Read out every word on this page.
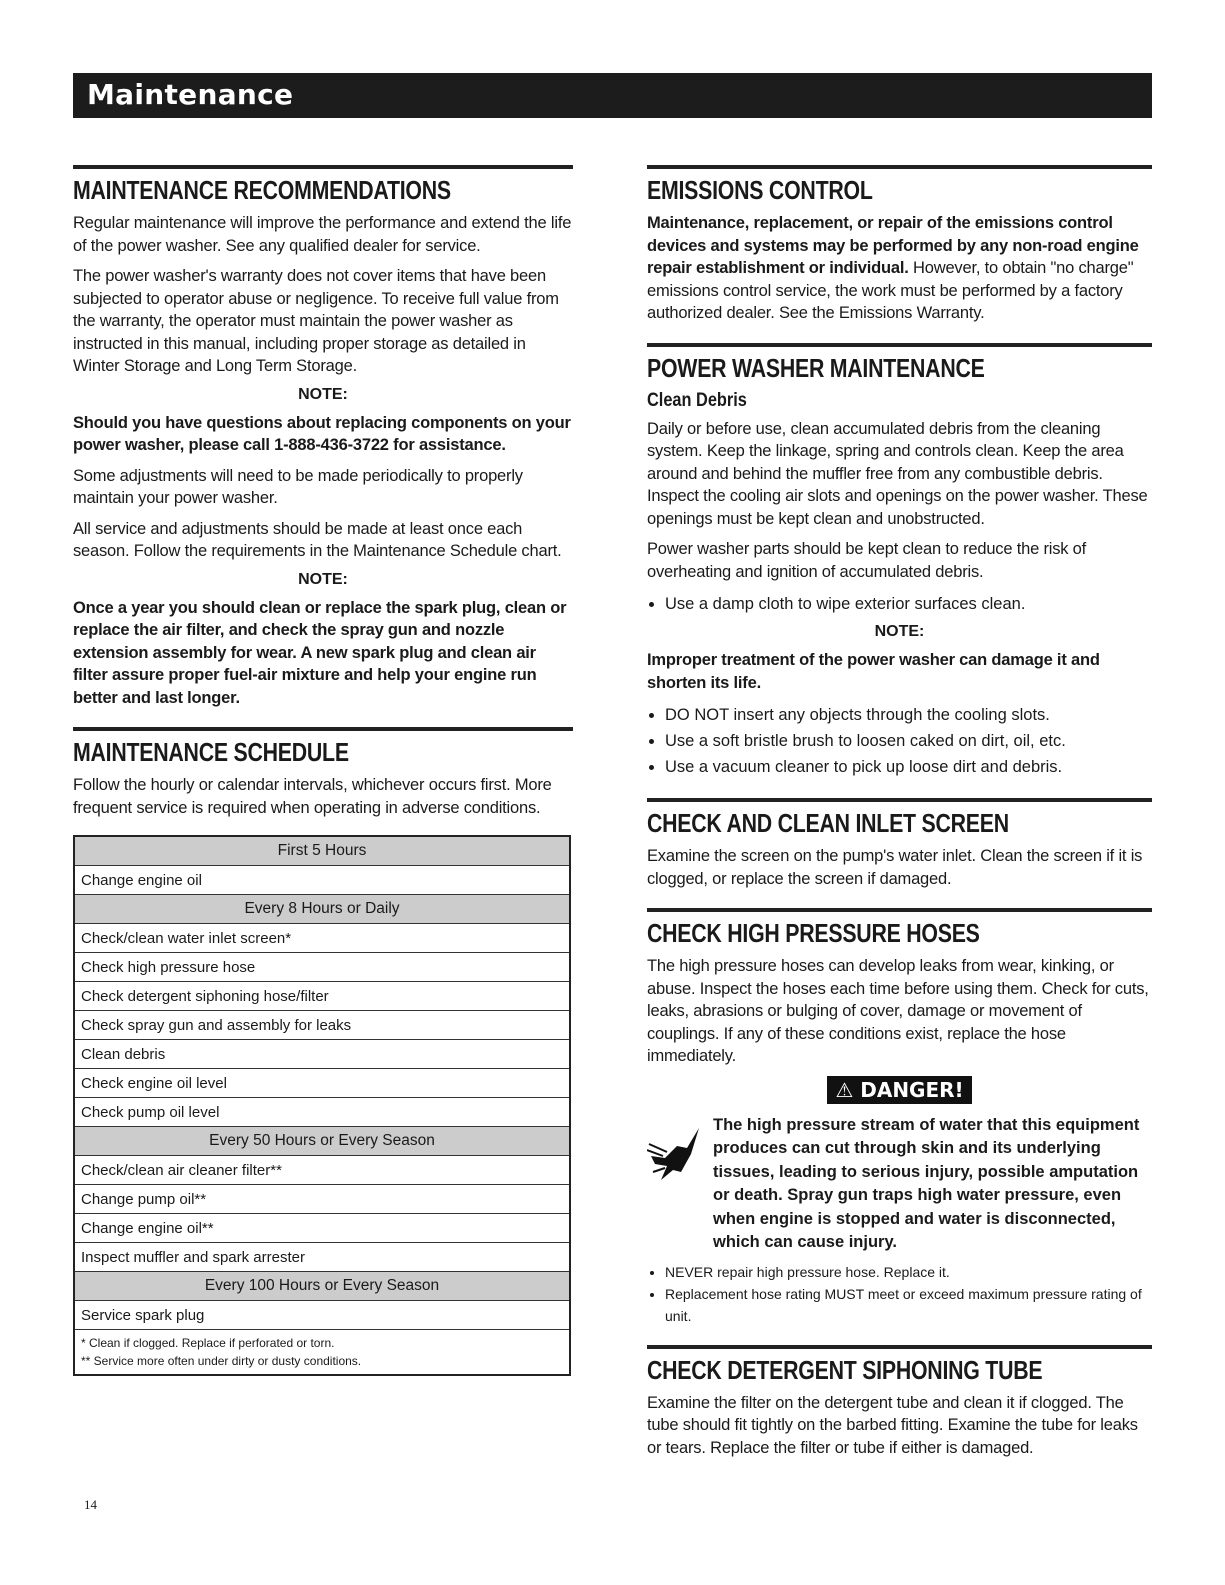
Maintenance
MAINTENANCE RECOMMENDATIONS

Regular maintenance will improve the performance and extend the life of the power washer. See any qualified dealer for service.

The power washer's warranty does not cover items that have been subjected to operator abuse or negligence. To receive full value from the warranty, the operator must maintain the power washer as instructed in this manual, including proper storage as detailed in Winter Storage and Long Term Storage.

NOTE:

Should you have questions about replacing components on your power washer, please call 1-888-436-3722 for assistance.

Some adjustments will need to be made periodically to properly maintain your power washer.

All service and adjustments should be made at least once each season. Follow the requirements in the Maintenance Schedule chart.

NOTE:

Once a year you should clean or replace the spark plug, clean or replace the air filter, and check the spray gun and nozzle extension assembly for wear. A new spark plug and clean air filter assure proper fuel-air mixture and help your engine run better and last longer.

MAINTENANCE SCHEDULE

Follow the hourly or calendar intervals, whichever occurs first. More frequent service is required when operating in adverse conditions.

First 5 Hours
Change engine oil
Every 8 Hours or Daily
Check/clean water inlet screen*
Check high pressure hose
Check detergent siphoning hose/filter
Check spray gun and assembly for leaks
Clean debris
Check engine oil level
Check pump oil level
Every 50 Hours or Every Season
Check/clean air cleaner filter**
Change pump oil**
Change engine oil**
Inspect muffler and spark arrester
Every 100 Hours or Every Season
Service spark plug

* Clean if clogged. Replace if perforated or torn.
** Service more often under dirty or dusty conditions.
EMISSIONS CONTROL

Maintenance, replacement, or repair of the emissions control devices and systems may be performed by any non-road engine repair establishment or individual. However, to obtain "no charge" emissions control service, the work must be performed by a factory authorized dealer. See the Emissions Warranty.

POWER WASHER MAINTENANCE
Clean Debris

Daily or before use, clean accumulated debris from the cleaning system. Keep the linkage, spring and controls clean. Keep the area around and behind the muffler free from any combustible debris. Inspect the cooling air slots and openings on the power washer. These openings must be kept clean and unobstructed.

Power washer parts should be kept clean to reduce the risk of overheating and ignition of accumulated debris.

• Use a damp cloth to wipe exterior surfaces clean.
NOTE:

Improper treatment of the power washer can damage it and shorten its life.

• DO NOT insert any objects through the cooling slots.
• Use a soft bristle brush to loosen caked on dirt, oil, etc.
• Use a vacuum cleaner to pick up loose dirt and debris.
CHECK AND CLEAN INLET SCREEN

Examine the screen on the pump's water inlet. Clean the screen if it is clogged, or replace the screen if damaged.

CHECK HIGH PRESSURE HOSES

The high pressure hoses can develop leaks from wear, kinking, or abuse. Inspect the hoses each time before using them. Check for cuts, leaks, abrasions or bulging of cover, damage or movement of couplings. If any of these conditions exist, replace the hose immediately.

⚠ DANGER!
The high pressure stream of water that this equipment produces can cut through skin and its underlying tissues, leading to serious injury, possible amputation or death. Spray gun traps high water pressure, even when engine is stopped and water is disconnected, which can cause injury.
• NEVER repair high pressure hose. Replace it.
• Replacement hose rating MUST meet or exceed maximum pressure rating of unit.
CHECK DETERGENT SIPHONING TUBE

Examine the filter on the detergent tube and clean it if clogged. The tube should fit tightly on the barbed fitting. Examine the tube for leaks or tears. Replace the filter or tube if either is damaged.

14
